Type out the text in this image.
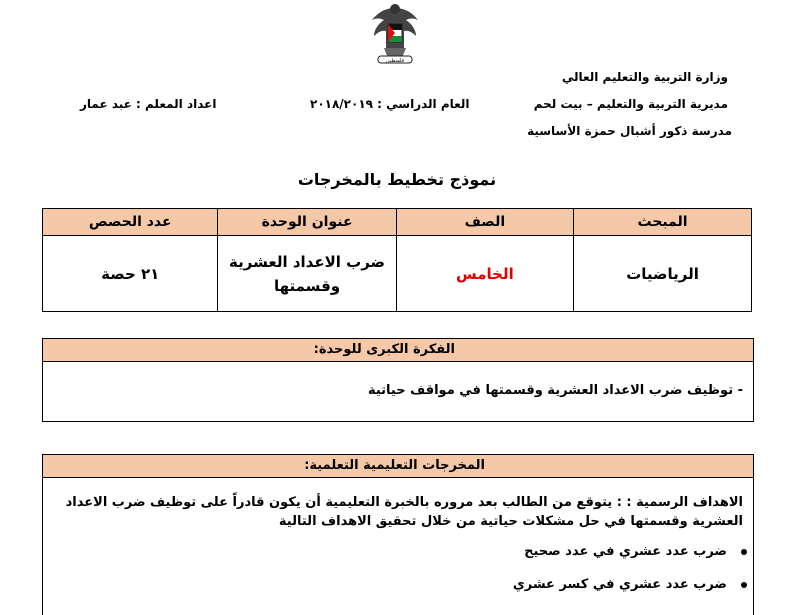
فلسطين
وزارة التربية والتعليم العالي
مديرية التربية والتعليم – بيت لحم
مدرسة ذكور أشبال حمزة الأساسية
العام الدراسي : ٢٠١٨/٢٠١٩
اعداد المعلم : عبد عمار
نموذج تخطيط بالمخرجات
المبحث	الصف	عنوان الوحدة	عدد الحصص
الرياضيات	الخامس	ضرب الاعداد العشرية وقسمتها	٢١ حصة
الفكرة الكبرى للوحدة:
- توظيف ضرب الاعداد العشرية وقسمتها في مواقف حياتية
المخرجات التعليمية التعلمية:
الاهداف الرسمية : : يتوقع من الطالب بعد مروره بالخبرة التعليمية أن يكون قادراً على توظيف ضرب الاعداد العشرية وقسمتها في حل مشكلات حياتية من خلال تحقيق الاهداف التالية
ضرب عدد عشري في عدد صحيح
ضرب عدد عشري في كسر عشري
